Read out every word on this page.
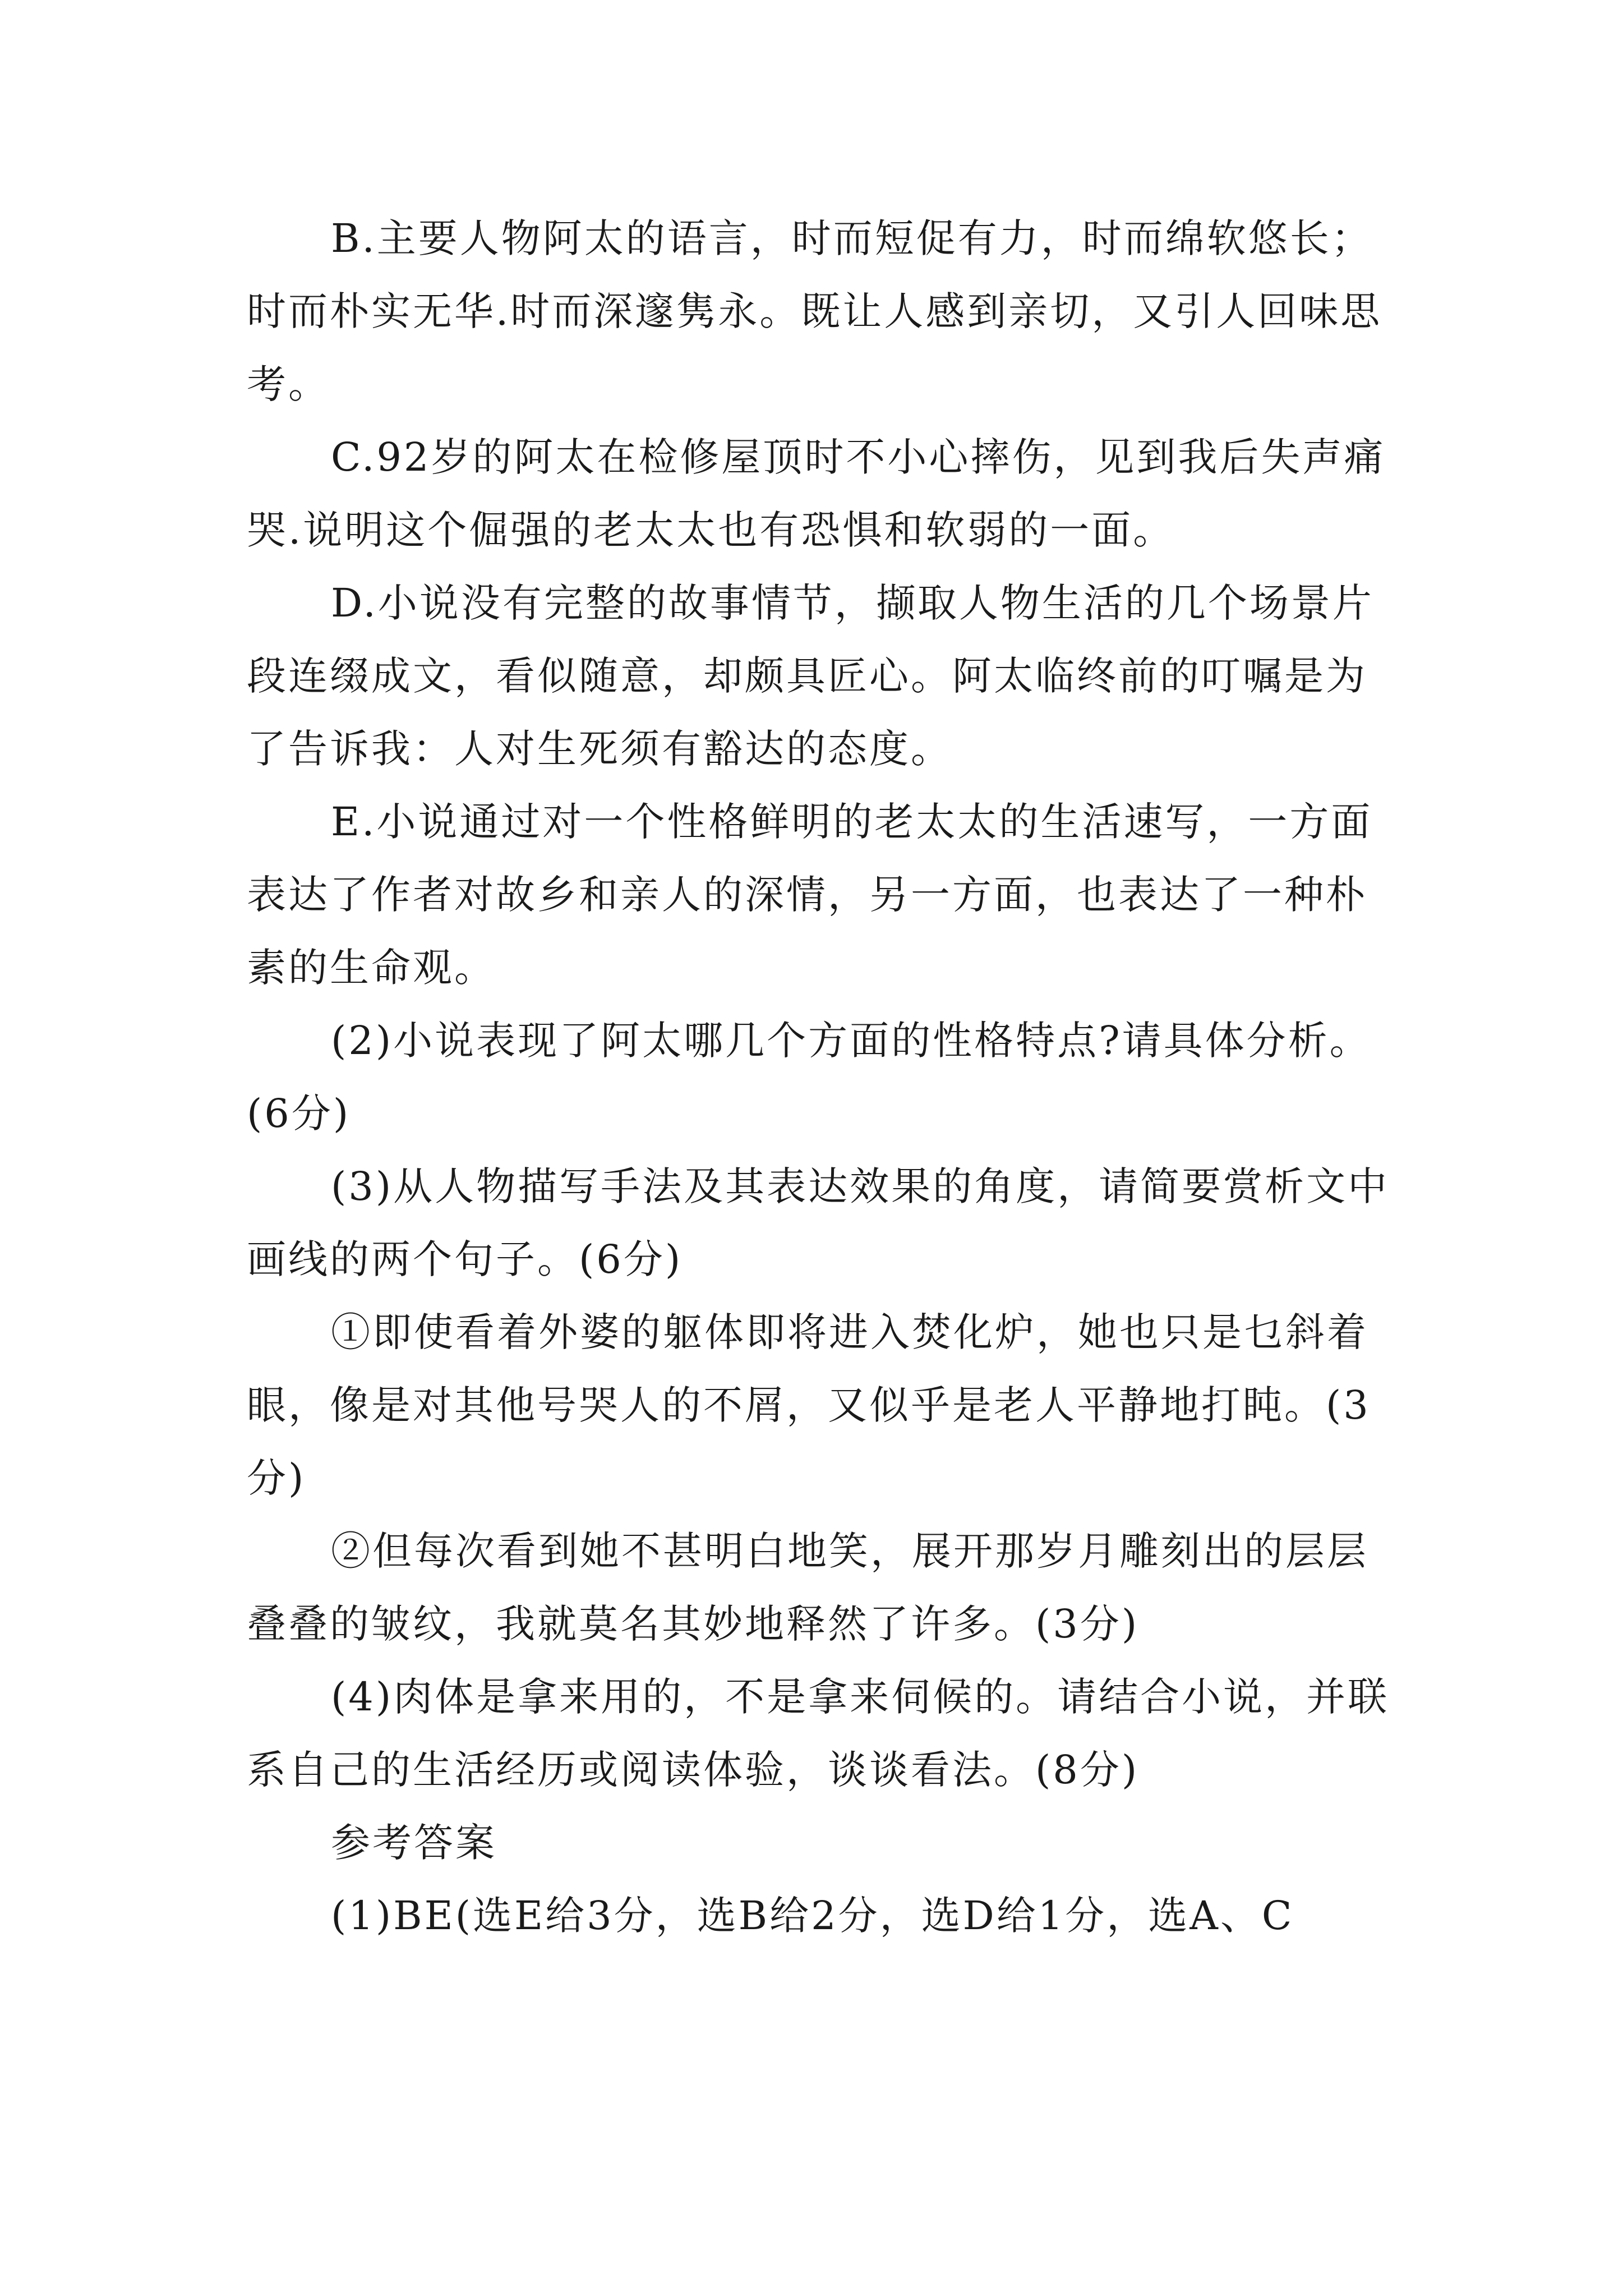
B.主要人物阿太的语言，时而短促有力，时而绵软悠长；时而朴实无华.时而深邃隽永。既让人感到亲切，又引人回味思考。

C.92岁的阿太在检修屋顶时不小心摔伤，见到我后失声痛哭.说明这个倔强的老太太也有恐惧和软弱的一面。

D.小说没有完整的故事情节，撷取人物生活的几个场景片段连缀成文，看似随意，却颇具匠心。阿太临终前的叮嘱是为了告诉我：人对生死须有豁达的态度。

E.小说通过对一个性格鲜明的老太太的生活速写，一方面表达了作者对故乡和亲人的深情，另一方面，也表达了一种朴素的生命观。

(2)小说表现了阿太哪几个方面的性格特点?请具体分析。(6分)

(3)从人物描写手法及其表达效果的角度，请简要赏析文中画线的两个句子。(6分)

①即使看着外婆的躯体即将进入焚化炉，她也只是乜斜着眼，像是对其他号哭人的不屑，又似乎是老人平静地打盹。(3分)

②但每次看到她不甚明白地笑，展开那岁月雕刻出的层层叠叠的皱纹，我就莫名其妙地释然了许多。(3分)

(4)肉体是拿来用的，不是拿来伺候的。请结合小说，并联系自己的生活经历或阅读体验，谈谈看法。(8分)

参考答案

(1)BE(选E给3分，选B给2分，选D给1分，选A、C
